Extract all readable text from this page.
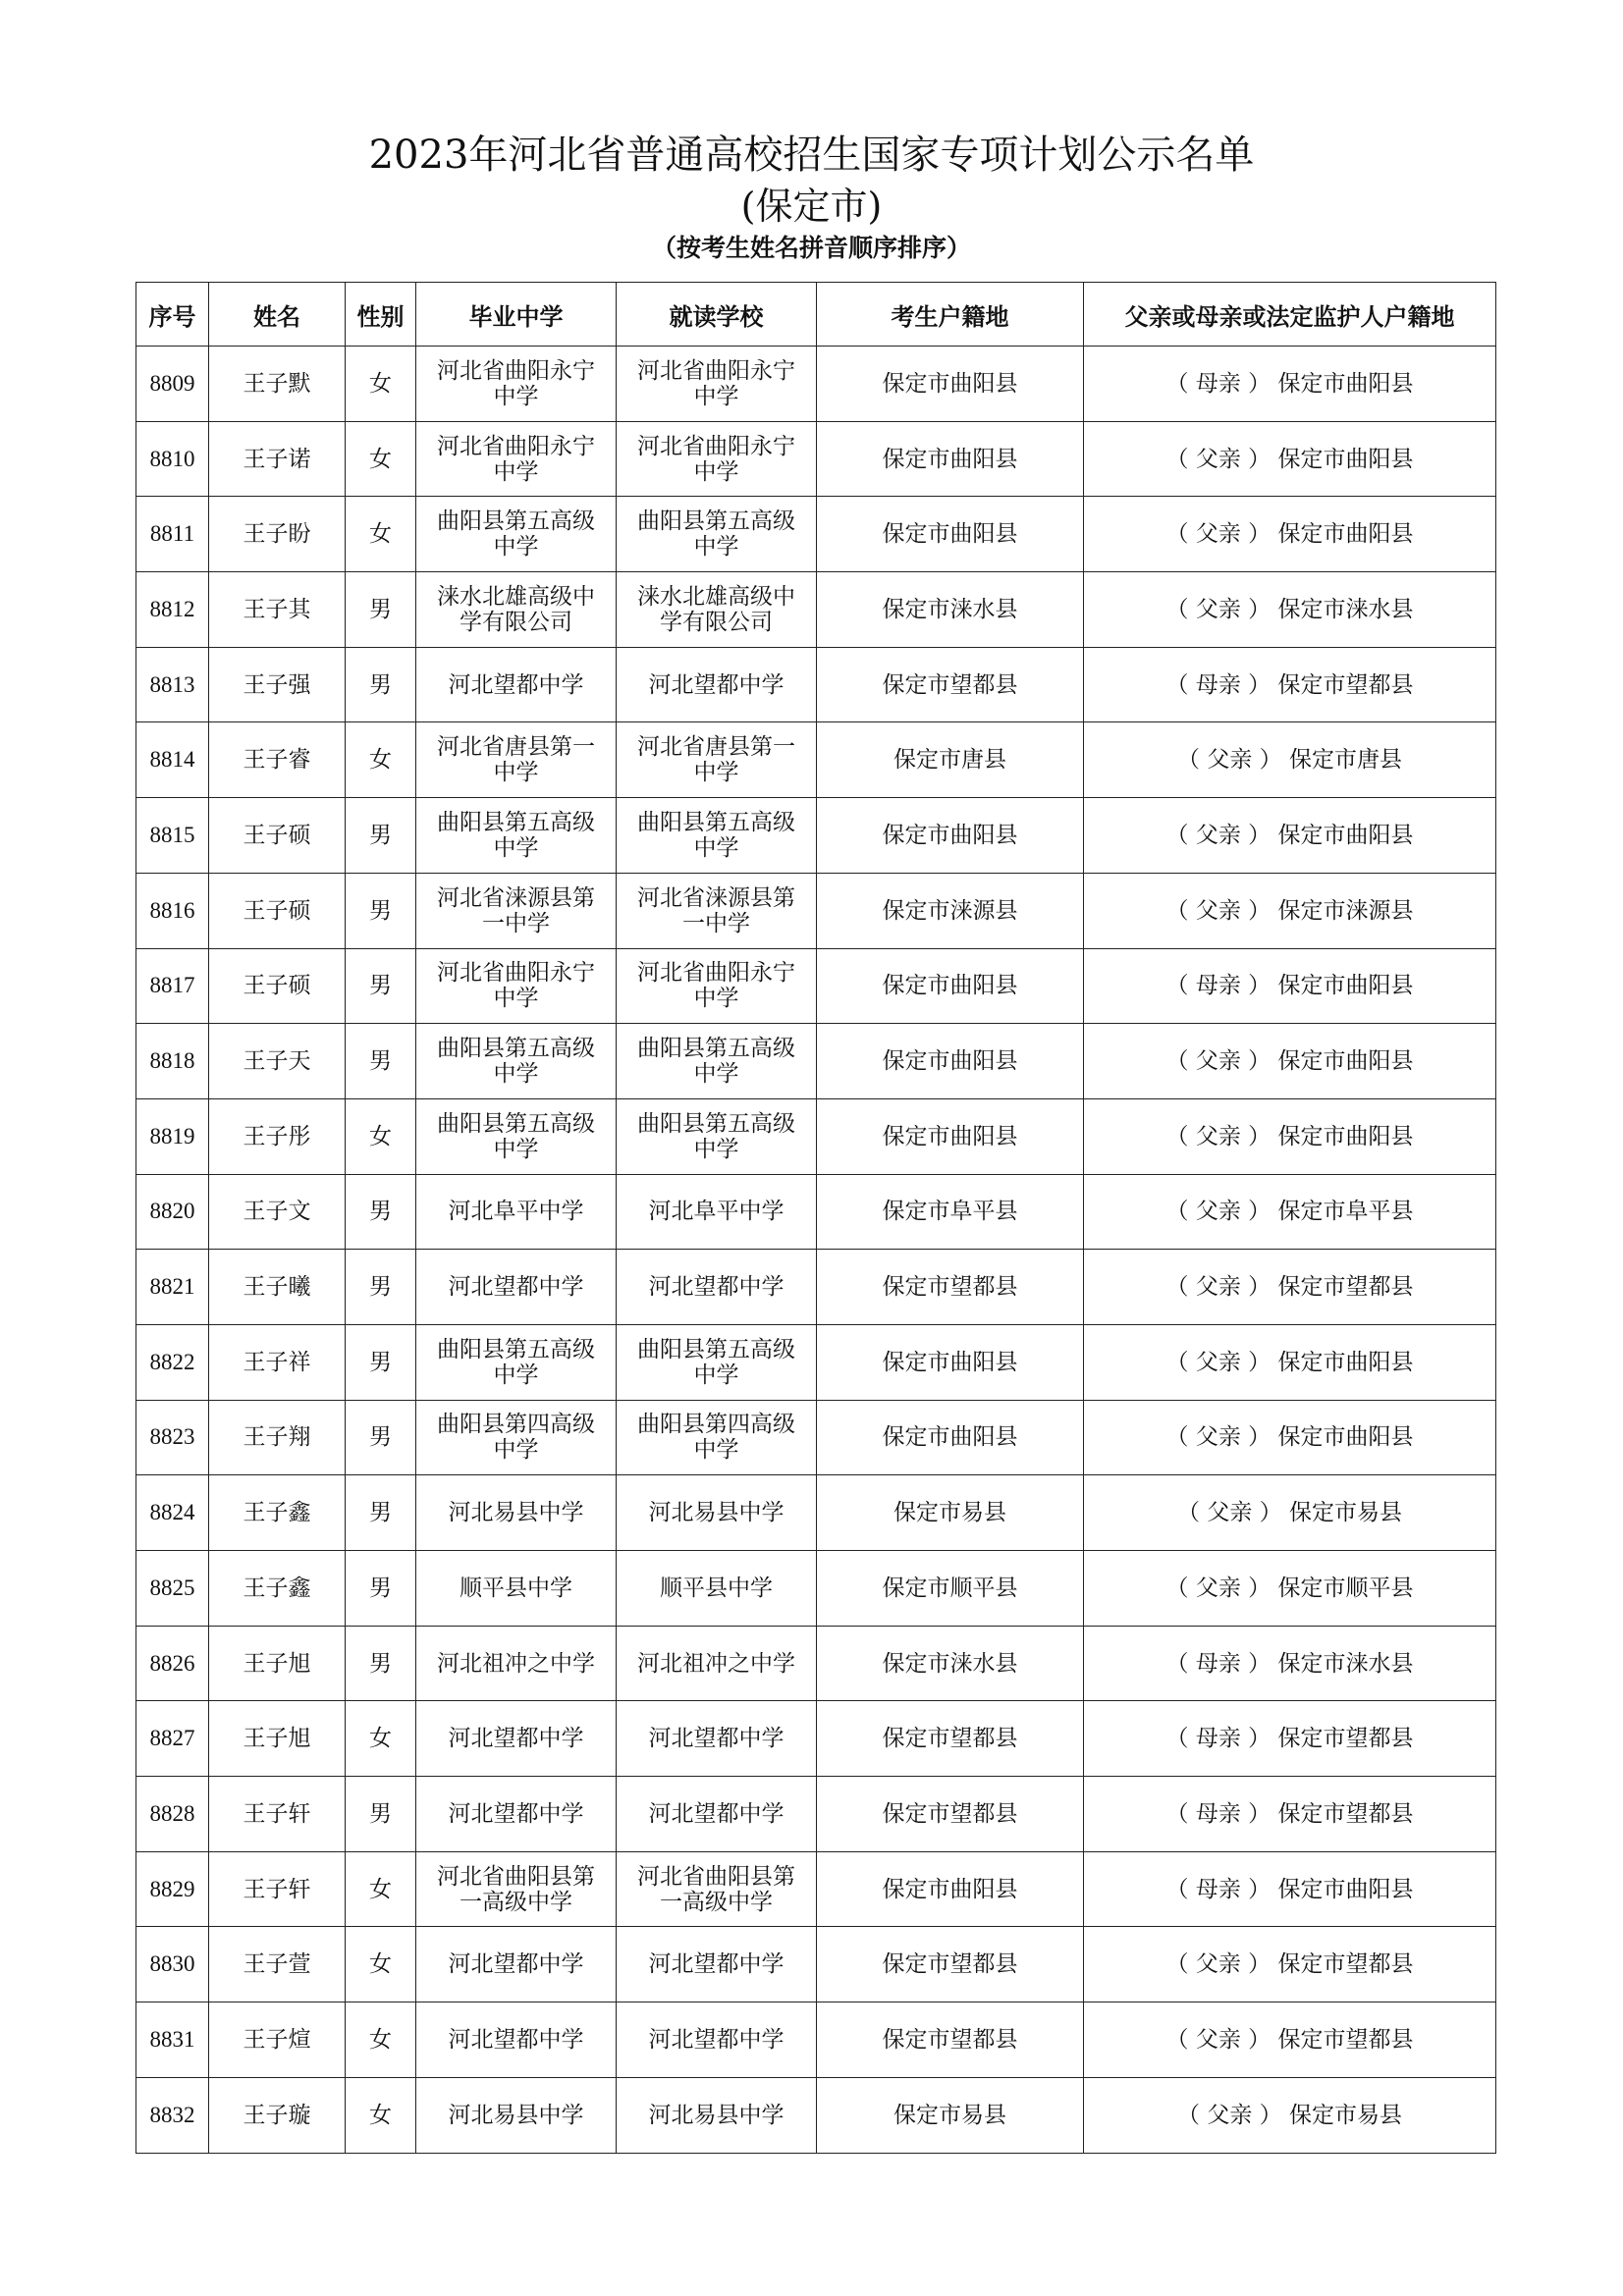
2023年河北省普通高校招生国家专项计划公示名单
(保定市)
（按考生姓名拼音顺序排序）
序号	姓名	性别	毕业中学	就读学校	考生户籍地	父亲或母亲或法定监护人户籍地
8809	王子默	女	河北省曲阳永宁中学	河北省曲阳永宁中学	保定市曲阳县	（ 母亲 ） 保定市曲阳县
8810	王子诺	女	河北省曲阳永宁中学	河北省曲阳永宁中学	保定市曲阳县	（ 父亲 ） 保定市曲阳县
8811	王子盼	女	曲阳县第五高级中学	曲阳县第五高级中学	保定市曲阳县	（ 父亲 ） 保定市曲阳县
8812	王子其	男	涞水北雄高级中学有限公司	涞水北雄高级中学有限公司	保定市涞水县	（ 父亲 ） 保定市涞水县
8813	王子强	男	河北望都中学	河北望都中学	保定市望都县	（ 母亲 ） 保定市望都县
8814	王子睿	女	河北省唐县第一中学	河北省唐县第一中学	保定市唐县	（ 父亲 ） 保定市唐县
8815	王子硕	男	曲阳县第五高级中学	曲阳县第五高级中学	保定市曲阳县	（ 父亲 ） 保定市曲阳县
8816	王子硕	男	河北省涞源县第一中学	河北省涞源县第一中学	保定市涞源县	（ 父亲 ） 保定市涞源县
8817	王子硕	男	河北省曲阳永宁中学	河北省曲阳永宁中学	保定市曲阳县	（ 母亲 ） 保定市曲阳县
8818	王子天	男	曲阳县第五高级中学	曲阳县第五高级中学	保定市曲阳县	（ 父亲 ） 保定市曲阳县
8819	王子彤	女	曲阳县第五高级中学	曲阳县第五高级中学	保定市曲阳县	（ 父亲 ） 保定市曲阳县
8820	王子文	男	河北阜平中学	河北阜平中学	保定市阜平县	（ 父亲 ） 保定市阜平县
8821	王子曦	男	河北望都中学	河北望都中学	保定市望都县	（ 父亲 ） 保定市望都县
8822	王子祥	男	曲阳县第五高级中学	曲阳县第五高级中学	保定市曲阳县	（ 父亲 ） 保定市曲阳县
8823	王子翔	男	曲阳县第四高级中学	曲阳县第四高级中学	保定市曲阳县	（ 父亲 ） 保定市曲阳县
8824	王子鑫	男	河北易县中学	河北易县中学	保定市易县	（ 父亲 ） 保定市易县
8825	王子鑫	男	顺平县中学	顺平县中学	保定市顺平县	（ 父亲 ） 保定市顺平县
8826	王子旭	男	河北祖冲之中学	河北祖冲之中学	保定市涞水县	（ 母亲 ） 保定市涞水县
8827	王子旭	女	河北望都中学	河北望都中学	保定市望都县	（ 母亲 ） 保定市望都县
8828	王子轩	男	河北望都中学	河北望都中学	保定市望都县	（ 母亲 ） 保定市望都县
8829	王子轩	女	河北省曲阳县第一高级中学	河北省曲阳县第一高级中学	保定市曲阳县	（ 母亲 ） 保定市曲阳县
8830	王子萱	女	河北望都中学	河北望都中学	保定市望都县	（ 父亲 ） 保定市望都县
8831	王子煊	女	河北望都中学	河北望都中学	保定市望都县	（ 父亲 ） 保定市望都县
8832	王子璇	女	河北易县中学	河北易县中学	保定市易县	（ 父亲 ） 保定市易县
